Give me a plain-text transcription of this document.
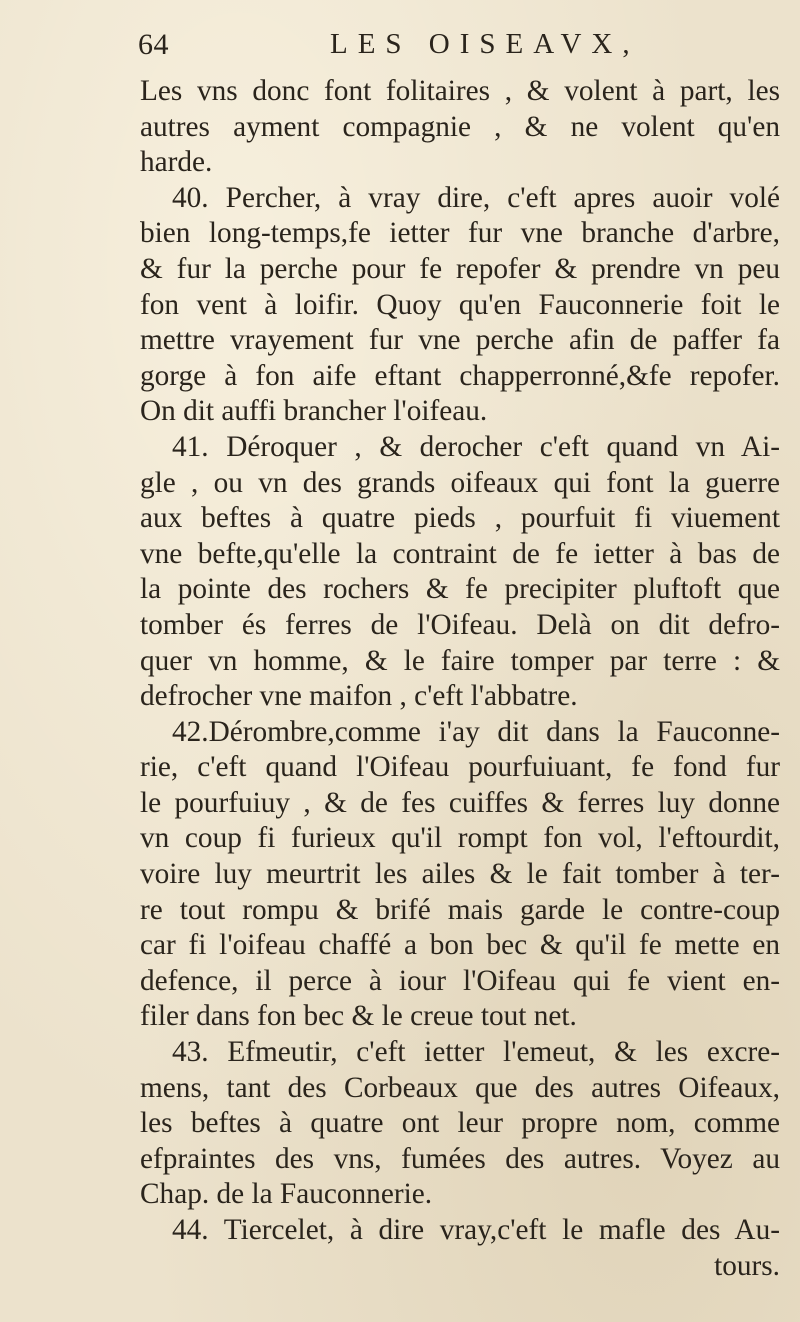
64	LES OISEAVX,
Les vns donc font folitaires , & volent à part, les
autres ayment compagnie , & ne volent qu'en
harde.
40. Percher, à vray dire, c'eft apres auoir volé
bien long-temps,fe ietter fur vne branche d'arbre,
& fur la perche pour fe repofer & prendre vn peu
fon vent à loifir. Quoy qu'en Fauconnerie foit le
mettre vrayement fur vne perche afin de paffer fa
gorge à fon aife eftant chapperronné,&fe repofer.
On dit auffi brancher l'oifeau.
41. Déroquer , & derocher c'eft quand vn Ai-
gle , ou vn des grands oifeaux qui font la guerre
aux beftes à quatre pieds , pourfuit fi viuement
vne befte,qu'elle la contraint de fe ietter à bas de
la pointe des rochers & fe precipiter pluftoft que
tomber és ferres de l'Oifeau. Delà on dit defro-
quer vn homme, & le faire tomper par terre : &
defrocher vne maifon , c'eft l'abbatre.
42.Dérombre,comme i'ay dit dans la Fauconne-
rie, c'eft quand l'Oifeau pourfuiuant, fe fond fur
le pourfuiuy , & de fes cuiffes & ferres luy donne
vn coup fi furieux qu'il rompt fon vol, l'eftourdit,
voire luy meurtrit les ailes & le fait tomber à ter-
re tout rompu & brifé mais garde le contre-coup
car fi l'oifeau chaffé a bon bec & qu'il fe mette en
defence, il perce à iour l'Oifeau qui fe vient en-
filer dans fon bec & le creue tout net.
43. Efmeutir, c'eft ietter l'emeut, & les excre-
mens, tant des Corbeaux que des autres Oifeaux,
les beftes à quatre ont leur propre nom, comme
efpraintes des vns, fumées des autres. Voyez au
Chap. de la Fauconnerie.
44. Tiercelet, à dire vray,c'eft le mafle des Au-
tours.
